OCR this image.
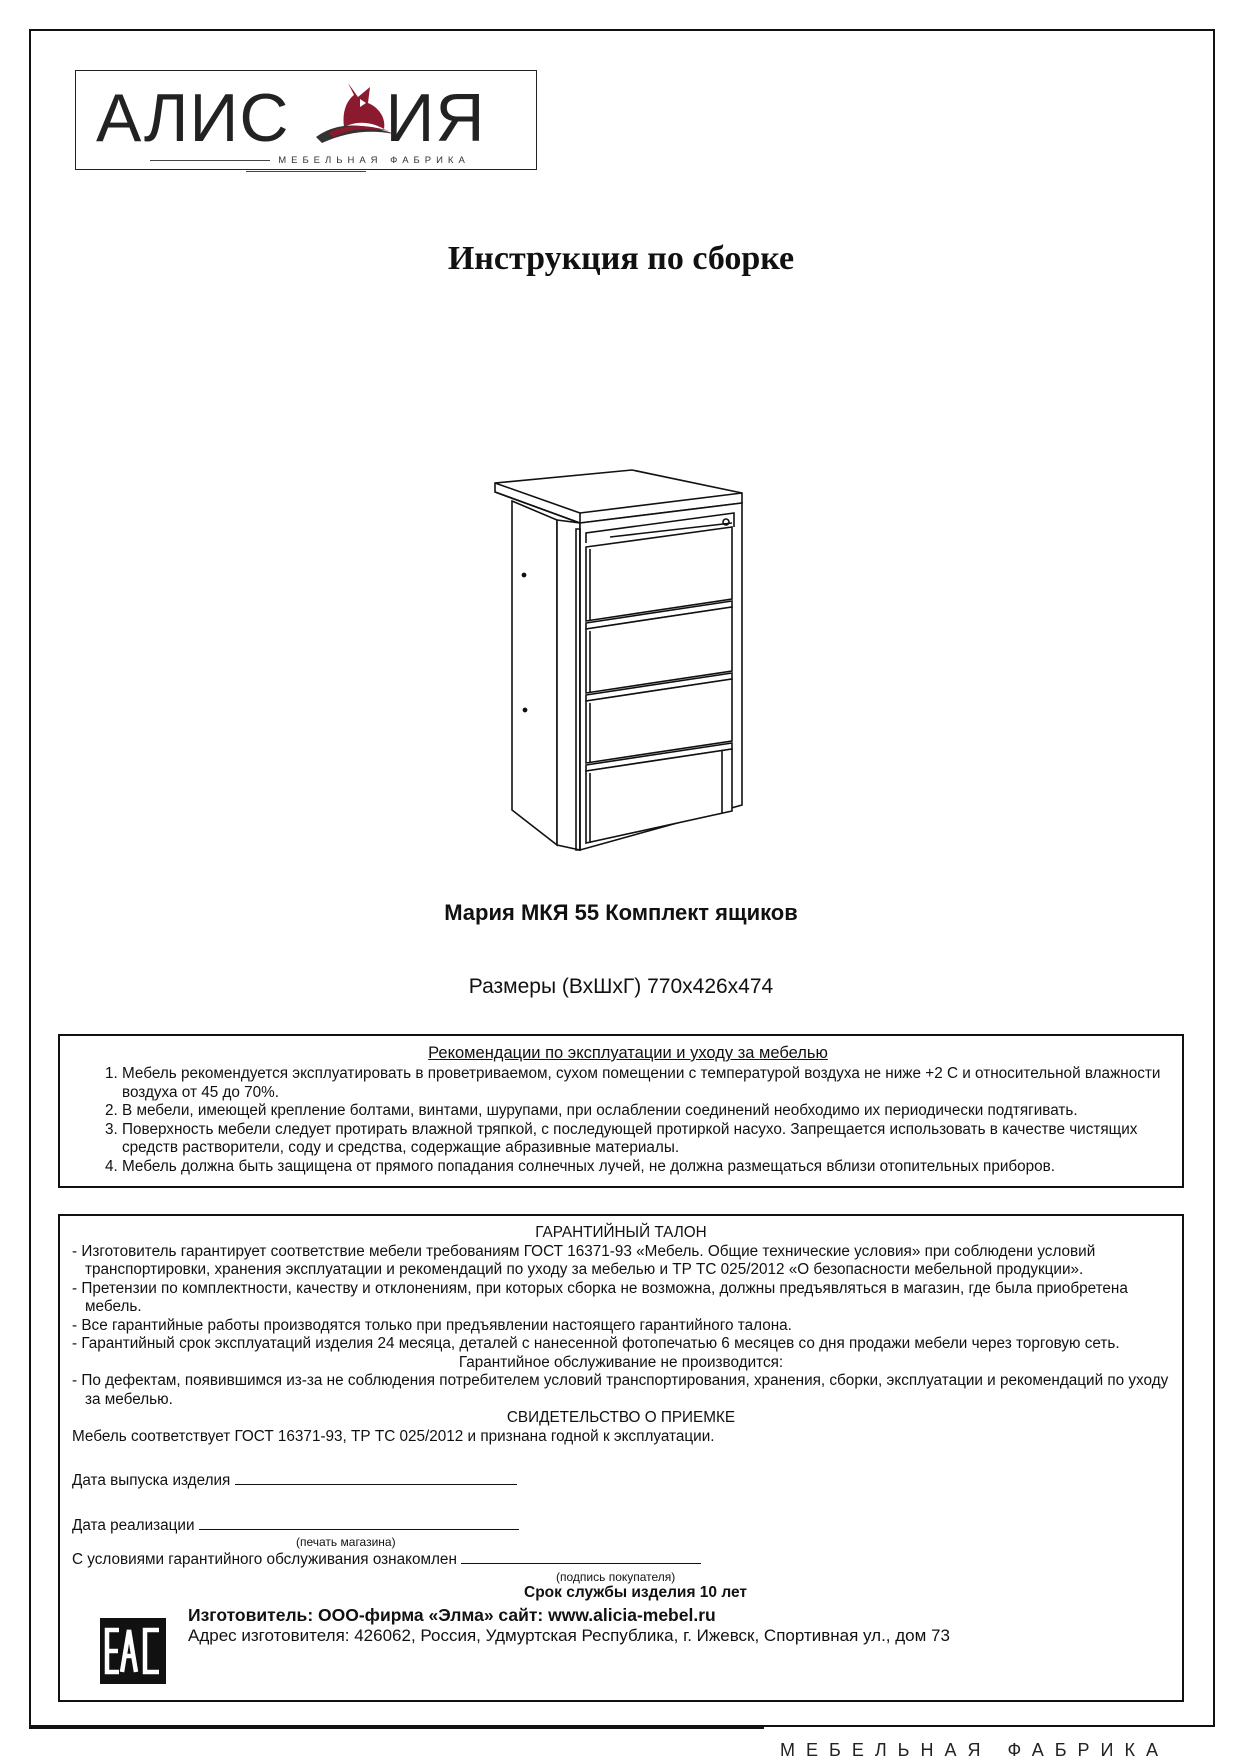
АЛИС ИЯ
МЕБЕЛЬНАЯ ФАБРИКА
Инструкция по сборке
Мария МКЯ 55 Комплект ящиков
Размеры (ВхШхГ) 770х426х474
Рекомендации по эксплуатации и уходу за мебелью
1. Мебель рекомендуется эксплуатировать в проветриваемом, сухом помещении с температурой воздуха не ниже +2 С и относительной влажности воздуха от 45 до 70%.
2. В мебели, имеющей крепление болтами, винтами, шурупами, при ослаблении соединений необходимо их периодически подтягивать.
3. Поверхность мебели следует протирать влажной тряпкой, с последующей протиркой насухо. Запрещается использовать в качестве чистящих средств растворители, соду и средства, содержащие абразивные материалы.
4. Мебель должна быть защищена от прямого попадания солнечных лучей, не должна размещаться вблизи отопительных приборов.
ГАРАНТИЙНЫЙ ТАЛОН
- Изготовитель гарантирует соответствие мебели требованиям ГОСТ 16371-93 «Мебель. Общие технические условия» при соблюдени условий транспортировки, хранения эксплуатации и рекомендаций по уходу за мебелью и ТР ТС 025/2012 «О безопасности мебельной продукции».
- Претензии по комплектности, качеству и отклонениям, при которых сборка не возможна, должны предъявляться в магазин, где была приобретена мебель.
- Все гарантийные работы производятся только при предъявлении настоящего гарантийного талона.
- Гарантийный срок эксплуатаций изделия 24 месяца, деталей с нанесенной фотопечатью 6 месяцев со дня продажи мебели через торговую сеть.
Гарантийное обслуживание не производится:
- По дефектам, появившимся из-за не соблюдения потребителем условий транспортирования, хранения, сборки, эксплуатации и рекомендаций по уходу за мебелью.
СВИДЕТЕЛЬСТВО О ПРИЕМКЕ
Мебель соответствует ГОСТ 16371-93, ТР ТС 025/2012 и признана годной к эксплуатации.
Дата выпуска изделия
Дата реализации
(печать магазина)
С условиями гарантийного обслуживания ознакомлен
(подпись покупателя)
Срок службы изделия 10 лет
Изготовитель: ООО-фирма «Элма» сайт: www.alicia-mebel.ru
Адрес изготовителя: 426062, Россия, Удмуртская Республика, г. Ижевск, Спортивная ул., дом 73
ЕАС
МЕБЕЛЬНАЯ ФАБРИКА
